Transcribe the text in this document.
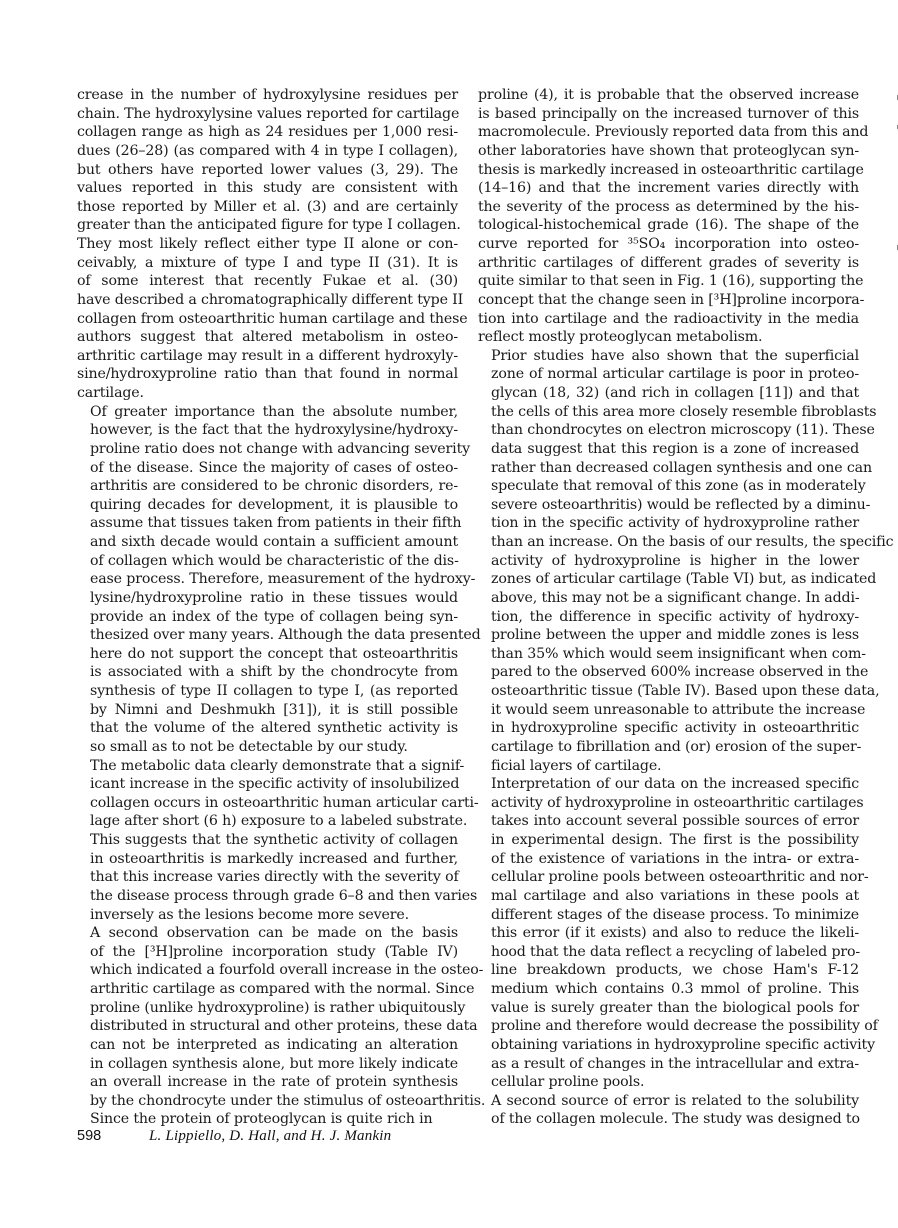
crease in the number of hydroxylysine residues per
chain. The hydroxylysine values reported for cartilage
collagen range as high as 24 residues per 1,000 resi-
dues (26–28) (as compared with 4 in type I collagen),
but others have reported lower values (3, 29). The
values reported in this study are consistent with
those reported by Miller et al. (3) and are certainly
greater than the anticipated figure for type I collagen.
They most likely reflect either type II alone or con-
ceivably, a mixture of type I and type II (31). It is
of some interest that recently Fukae et al. (30)
have described a chromatographically different type II
collagen from osteoarthritic human cartilage and these
authors suggest that altered metabolism in osteo-
arthritic cartilage may result in a different hydroxyly-
sine/hydroxyproline ratio than that found in normal
cartilage.

Of greater importance than the absolute number,
however, is the fact that the hydroxylysine/hydroxy-
proline ratio does not change with advancing severity
of the disease. Since the majority of cases of osteo-
arthritis are considered to be chronic disorders, re-
quiring decades for development, it is plausible to
assume that tissues taken from patients in their fifth
and sixth decade would contain a sufficient amount
of collagen which would be characteristic of the dis-
ease process. Therefore, measurement of the hydroxy-
lysine/hydroxyproline ratio in these tissues would
provide an index of the type of collagen being syn-
thesized over many years. Although the data presented
here do not support the concept that osteoarthritis
is associated with a shift by the chondrocyte from
synthesis of type II collagen to type I, (as reported
by Nimni and Deshmukh [31]), it is still possible
that the volume of the altered synthetic activity is
so small as to not be detectable by our study.

The metabolic data clearly demonstrate that a signif-
icant increase in the specific activity of insolubilized
collagen occurs in osteoarthritic human articular carti-
lage after short (6 h) exposure to a labeled substrate.
This suggests that the synthetic activity of collagen
in osteoarthritis is markedly increased and further,
that this increase varies directly with the severity of
the disease process through grade 6–8 and then varies
inversely as the lesions become more severe.

A second observation can be made on the basis
of the [³H]proline incorporation study (Table IV)
which indicated a fourfold overall increase in the osteo-
arthritic cartilage as compared with the normal. Since
proline (unlike hydroxyproline) is rather ubiquitously
distributed in structural and other proteins, these data
can not be interpreted as indicating an alteration
in collagen synthesis alone, but more likely indicate
an overall increase in the rate of protein synthesis
by the chondrocyte under the stimulus of osteoarthritis.
Since the protein of proteoglycan is quite rich in

proline (4), it is probable that the observed increase
is based principally on the increased turnover of this
macromolecule. Previously reported data from this and
other laboratories have shown that proteoglycan syn-
thesis is markedly increased in osteoarthritic cartilage
(14–16) and that the increment varies directly with
the severity of the process as determined by the his-
tological-histochemical grade (16). The shape of the
curve reported for ³⁵SO₄ incorporation into osteo-
arthritic cartilages of different grades of severity is
quite similar to that seen in Fig. 1 (16), supporting the
concept that the change seen in [³H]proline incorpora-
tion into cartilage and the radioactivity in the media
reflect mostly proteoglycan metabolism.

Prior studies have also shown that the superficial
zone of normal articular cartilage is poor in proteo-
glycan (18, 32) (and rich in collagen [11]) and that
the cells of this area more closely resemble fibroblasts
than chondrocytes on electron microscopy (11). These
data suggest that this region is a zone of increased
rather than decreased collagen synthesis and one can
speculate that removal of this zone (as in moderately
severe osteoarthritis) would be reflected by a diminu-
tion in the specific activity of hydroxyproline rather
than an increase. On the basis of our results, the specific
activity of hydroxyproline is higher in the lower
zones of articular cartilage (Table VI) but, as indicated
above, this may not be a significant change. In addi-
tion, the difference in specific activity of hydroxy-
proline between the upper and middle zones is less
than 35% which would seem insignificant when com-
pared to the observed 600% increase observed in the
osteoarthritic tissue (Table IV). Based upon these data,
it would seem unreasonable to attribute the increase
in hydroxyproline specific activity in osteoarthritic
cartilage to fibrillation and (or) erosion of the super-
ficial layers of cartilage.

Interpretation of our data on the increased specific
activity of hydroxyproline in osteoarthritic cartilages
takes into account several possible sources of error
in experimental design. The first is the possibility
of the existence of variations in the intra- or extra-
cellular proline pools between osteoarthritic and nor-
mal cartilage and also variations in these pools at
different stages of the disease process. To minimize
this error (if it exists) and also to reduce the likeli-
hood that the data reflect a recycling of labeled pro-
line breakdown products, we chose Ham's F-12
medium which contains 0.3 mmol of proline. This
value is surely greater than the biological pools for
proline and therefore would decrease the possibility of
obtaining variations in hydroxyproline specific activity
as a result of changes in the intracellular and extra-
cellular proline pools.

A second source of error is related to the solubility
of the collagen molecule. The study was designed to

598	L. Lippiello, D. Hall, and H. J. Mankin
